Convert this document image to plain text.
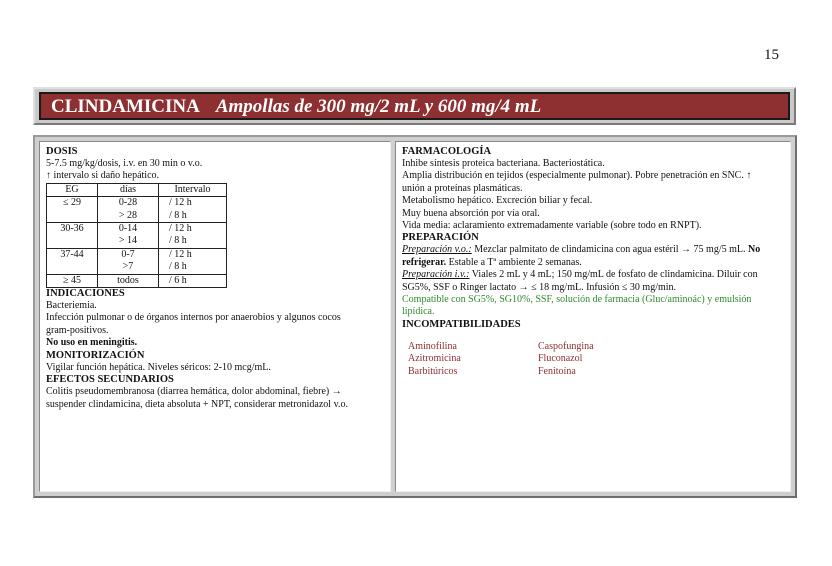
15
CLINDAMICINA Ampollas de 300 mg/2 mL y 600 mg/4 mL
DOSIS
5-7.5 mg/kg/dosis, i.v. en 30 min o v.o.
↑ intervalo si daño hepático.
EG	días	Intervalo
≤ 29	0-28	/ 12 h
	> 28	/ 8 h
30-36	0-14	/ 12 h
	> 14	/ 8 h
37-44	0-7	/ 12 h
	>7	/ 8 h
≥ 45	todos	/ 6 h
INDICACIONES
Bacteriemia.
Infección pulmonar o de órganos internos por anaerobios y algunos cocos
gram-positivos.
No uso en meningitis.
MONITORIZACIÓN
Vigilar función hepática. Niveles séricos: 2-10 mcg/mL.
EFECTOS SECUNDARIOS
Colitis pseudomembranosa (diarrea hemática, dolor abdominal, fiebre) →
suspender clindamicina, dieta absoluta + NPT, considerar metronidazol v.o.
FARMACOLOGÍA
Inhibe síntesis proteica bacteriana. Bacteriostática.
Amplia distribución en tejidos (especialmente pulmonar). Pobre penetración en SNC. ↑
unión a proteínas plasmáticas.
Metabolismo hepático. Excreción biliar y fecal.
Muy buena absorción por vía oral.
Vida media: aclaramiento extremadamente variable (sobre todo en RNPT).
PREPARACIÓN
Preparación v.o.: Mezclar palmitato de clindamicina con agua estéril → 75 mg/5 mL. No
refrigerar. Estable a Tª ambiente 2 semanas.
Preparación i.v.: Viales 2 mL y 4 mL; 150 mg/mL de fosfato de clindamicina. Diluir con
SG5%, SSF o Ringer lactato → ≤ 18 mg/mL. Infusión ≤ 30 mg/min.
Compatible con SG5%, SG10%, SSF, solución de farmacia (Gluc/aminoác) y emulsión
lipídica.
INCOMPATIBILIDADES
Aminofilina	Caspofungina
Azitromicina	Fluconazol
Barbitúricos	Fenitoína
